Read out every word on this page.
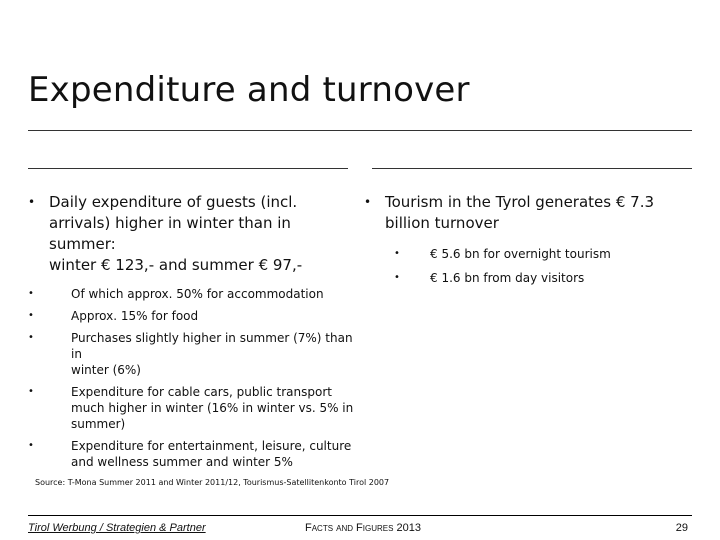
Expenditure and turnover
• Daily expenditure of guests (incl.
arrivals) higher in winter than in
summer:
winter € 123,- and summer € 97,-
•	Of which approx. 50% for accommodation
•	Approx. 15% for food
•	Purchases slightly higher in summer (7%) than in
winter (6%)
•	Expenditure for cable cars, public transport
much higher in winter (16% in winter vs. 5% in
summer)
•	Expenditure for entertainment, leisure, culture
and wellness summer and winter 5%
• Tourism in the Tyrol generates € 7.3
billion turnover
•	€ 5.6 bn for overnight tourism
•	€ 1.6 bn from day visitors
Source: T-Mona Summer 2011 and Winter 2011/12, Tourismus-Satellitenkonto Tirol 2007
Tirol Werbung / Strategien & Partner	Facts and Figures 2013	29
